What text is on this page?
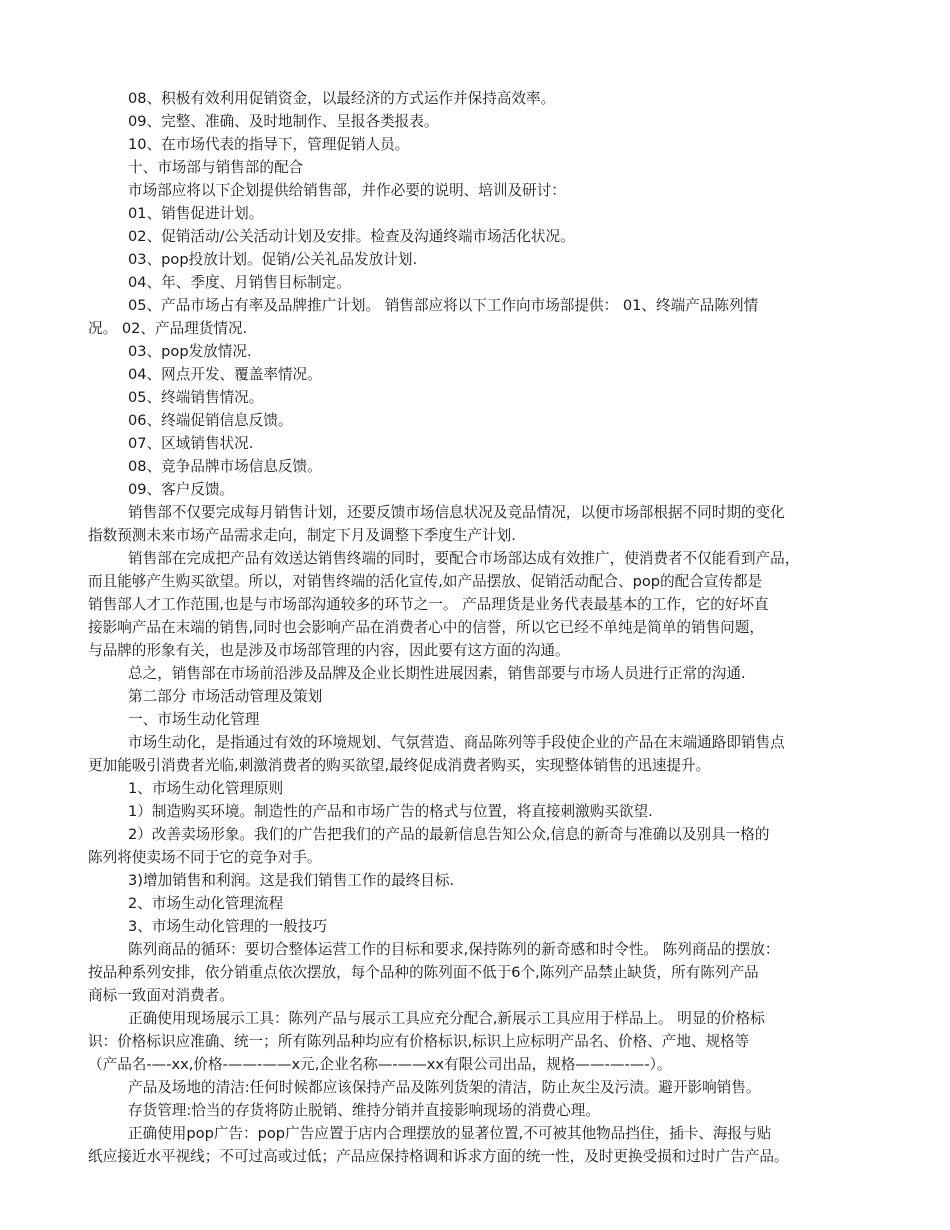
08、积极有效利用促销资金，以最经济的方式运作并保持高效率。
09、完整、准确、及时地制作、呈报各类报表。
10、在市场代表的指导下，管理促销人员。
十、市场部与销售部的配合
市场部应将以下企划提供给销售部，并作必要的说明、培训及研讨：
01、销售促进计划。
02、促销活动/公关活动计划及安排。检查及沟通终端市场活化状况。
03、pop投放计划。促销/公关礼品发放计划.
04、年、季度、月销售目标制定。
05、产品市场占有率及品牌推广计划。 销售部应将以下工作向市场部提供： 01、终端产品陈列情
况。 02、产品理货情况.
03、pop发放情况.
04、网点开发、覆盖率情况。
05、终端销售情况。
06、终端促销信息反馈。
07、区域销售状况.
08、竞争品牌市场信息反馈。
09、客户反馈。
销售部不仅要完成每月销售计划，还要反馈市场信息状况及竞品情况，以便市场部根据不同时期的变化
指数预测未来市场产品需求走向，制定下月及调整下季度生产计划.
销售部在完成把产品有效送达销售终端的同时，要配合市场部达成有效推广，使消费者不仅能看到产品，
而且能够产生购买欲望。所以，对销售终端的活化宣传,如产品摆放、促销活动配合、pop的配合宣传都是
销售部人才工作范围,也是与市场部沟通较多的环节之一。 产品理货是业务代表最基本的工作，它的好坏直
接影响产品在末端的销售,同时也会影响产品在消费者心中的信誉，所以它已经不单纯是简单的销售问题，
与品牌的形象有关，也是涉及市场部管理的内容，因此要有这方面的沟通。
总之，销售部在市场前沿涉及品牌及企业长期性进展因素，销售部要与市场人员进行正常的沟通.
第二部分 市场活动管理及策划
一、市场生动化管理
市场生动化，是指通过有效的环境规划、气氛营造、商品陈列等手段使企业的产品在末端通路即销售点
更加能吸引消费者光临,刺激消费者的购买欲望,最终促成消费者购买，实现整体销售的迅速提升。
1、市场生动化管理原则
1）制造购买环境。制造性的产品和市场广告的格式与位置，将直接刺激购买欲望.
2）改善卖场形象。我们的广告把我们的产品的最新信息告知公众,信息的新奇与准确以及别具一格的
陈列将使卖场不同于它的竞争对手。
3)增加销售和利润。这是我们销售工作的最终目标.
2、市场生动化管理流程
3、市场生动化管理的一般技巧
陈列商品的循环：要切合整体运营工作的目标和要求,保持陈列的新奇感和时令性。 陈列商品的摆放：
按品种系列安排，依分销重点依次摆放，每个品种的陈列面不低于6个,陈列产品禁止缺货，所有陈列产品
商标一致面对消费者。
正确使用现场展示工具：陈列产品与展示工具应充分配合,新展示工具应用于样品上。 明显的价格标
识：价格标识应准确、统一；所有陈列品种均应有价格标识,标识上应标明产品名、价格、产地、规格等
（产品名-—-xx,价格-——-——x元,企业名称—-——xx有限公司出品，规格——-—-—-）。
产品及场地的清洁:任何时候都应该保持产品及陈列货架的清洁，防止灰尘及污渍。避开影响销售。
存货管理:恰当的存货将防止脱销、维持分销并直接影响现场的消费心理。
正确使用pop广告：pop广告应置于店内合理摆放的显著位置,不可被其他物品挡住，插卡、海报与贴
纸应接近水平视线；不可过高或过低；产品应保持格调和诉求方面的统一性，及时更换受损和过时广告产品。
